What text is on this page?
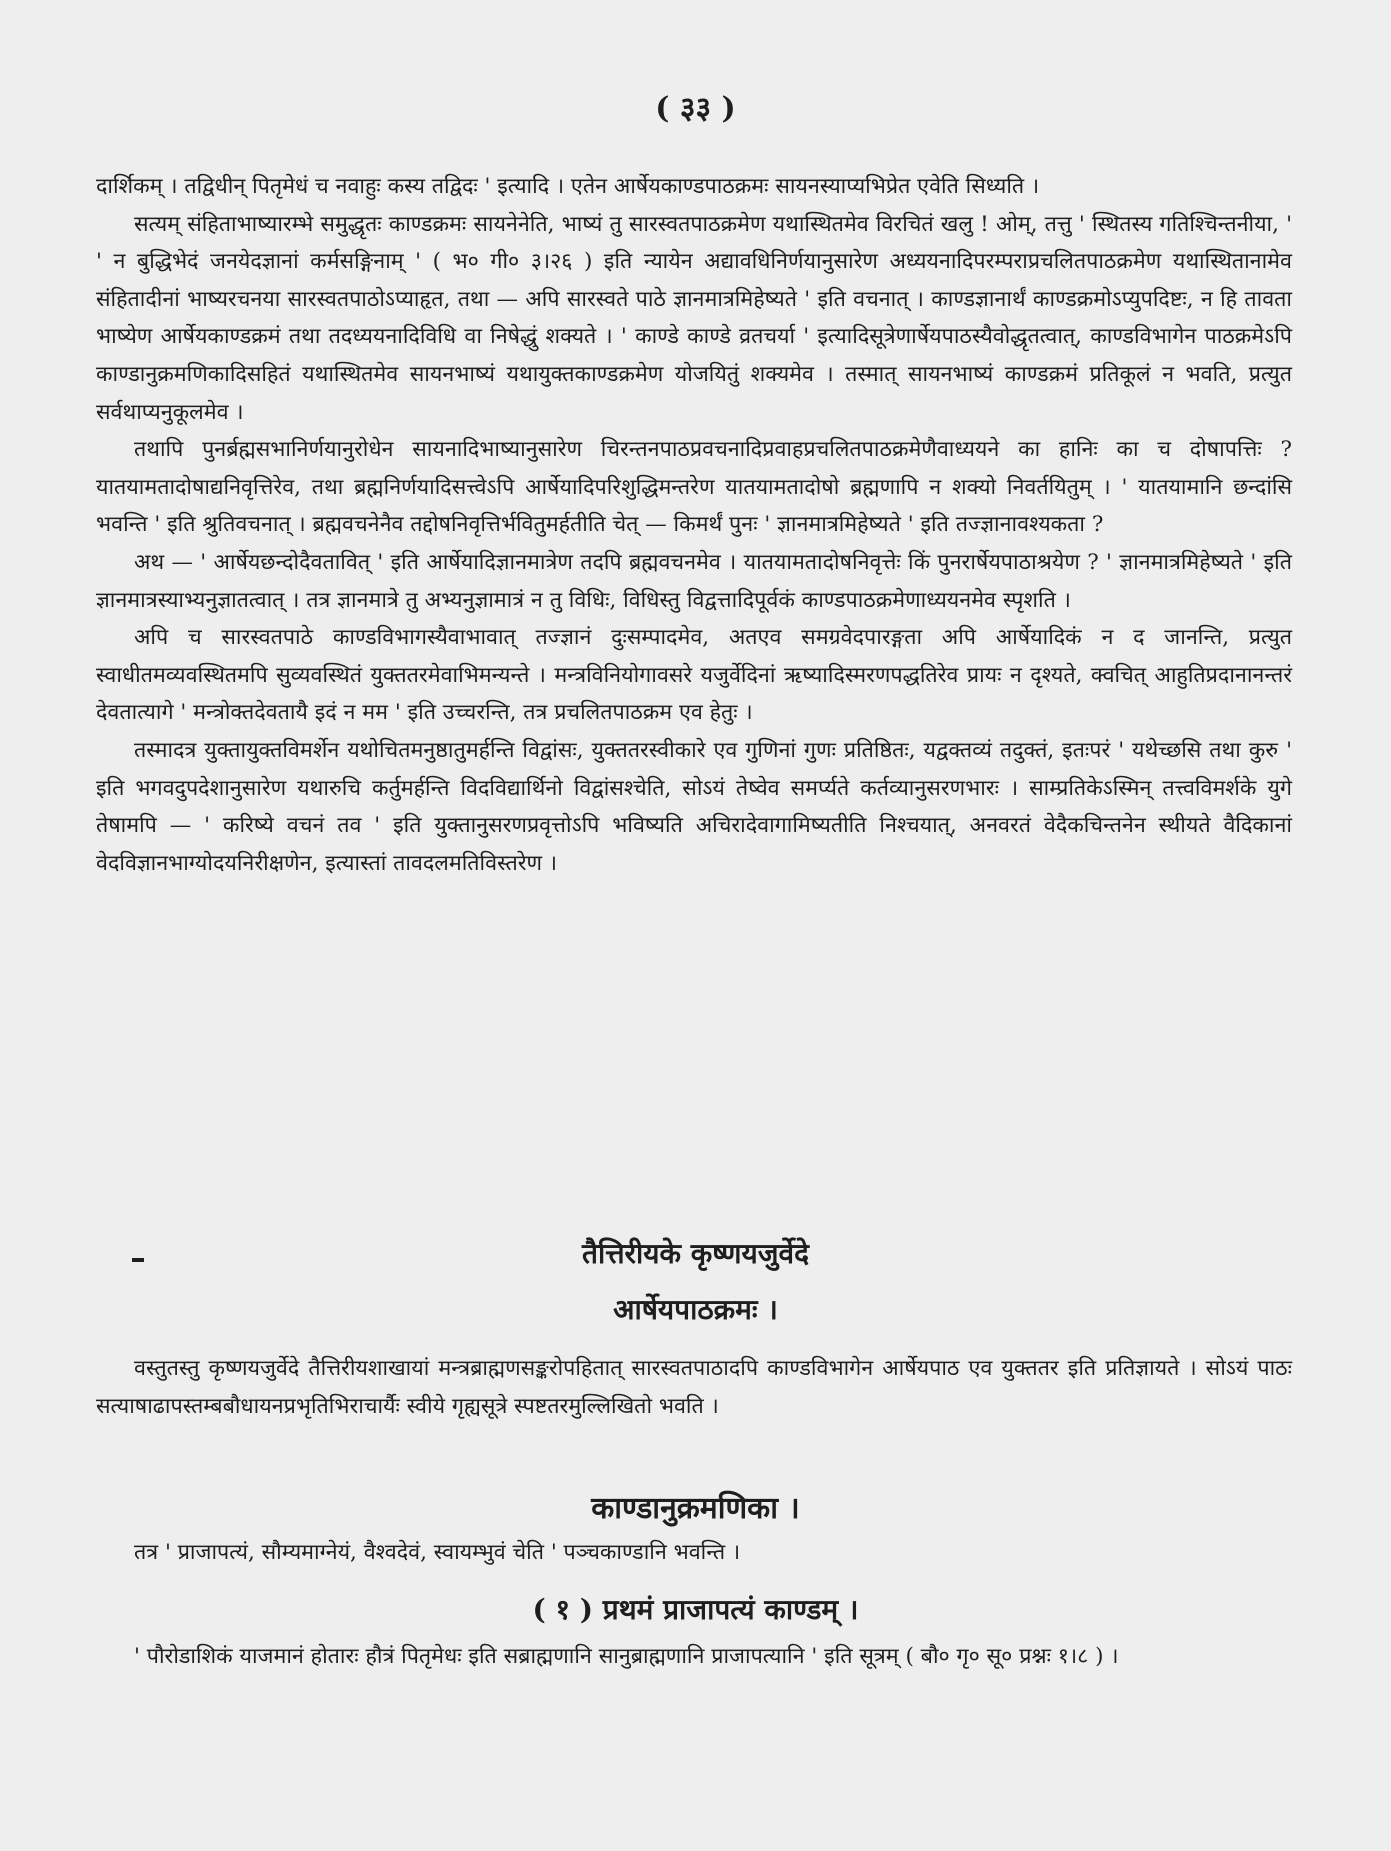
( ३३ )

दार्शिकम् । तद्विधीन् पितृमेधं च नवाहुः कस्य तद्विदः ' इत्यादि । एतेन आर्षेयकाण्डपाठक्रमः सायनस्याप्यभिप्रेत एवेति सिध्यति ।

सत्यम् संहिताभाष्यारम्भे समुद्धृतः काण्डक्रमः सायनेनेति, भाष्यं तु सारस्वतपाठक्रमेण यथास्थितमेव विरचितं खलु ! ओम्, तत्तु ' स्थितस्य गतिश्चिन्तनीया, ' ' न बुद्धिभेदं जनयेदज्ञानां कर्मसङ्गिनाम् ' ( भ० गी० ३।२६ ) इति न्यायेन अद्यावधिनिर्णयानुसारेण अध्ययनादिपरम्पराप्रचलितपाठक्रमेण यथास्थितानामेव संहितादीनां भाष्यरचनया सारस्वतपाठोऽप्याहृत, तथा — अपि सारस्वते पाठे ज्ञानमात्रमिहेष्यते ' इति वचनात् । काण्डज्ञानार्थं काण्डक्रमोऽप्युपदिष्टः, न हि तावता भाष्येण आर्षेयकाण्डक्रमं तथा तदध्ययनादिविधि वा निषेद्धुं शक्यते । ' काण्डे काण्डे व्रतचर्या ' इत्यादिसूत्रेणार्षेयपाठस्यैवोद्धृतत्वात्, काण्डविभागेन पाठक्रमेऽपि काण्डानुक्रमणिकादिसहितं यथास्थितमेव सायनभाष्यं यथायुक्तकाण्डक्रमेण योजयितुं शक्यमेव । तस्मात् सायनभाष्यं काण्डक्रमं प्रतिकूलं न भवति, प्रत्युत सर्वथाप्यनुकूलमेव ।

तथापि पुनर्ब्रह्मसभानिर्णयानुरोधेन सायनादिभाष्यानुसारेण चिरन्तनपाठप्रवचनादिप्रवाहप्रचलितपाठक्रमेणैवाध्ययने का हानिः का च दोषापत्तिः ? यातयामतादोषाद्यनिवृत्तिरेव, तथा ब्रह्मनिर्णयादिसत्त्वेऽपि आर्षेयादिपरिशुद्धिमन्तरेण यातयामतादोषो ब्रह्मणापि न शक्यो निवर्तयितुम् । ' यातयामानि छन्दांसि भवन्ति ' इति श्रुतिवचनात् । ब्रह्मवचनेनैव तद्दोषनिवृत्तिर्भवितुमर्हतीति चेत् — किमर्थं पुनः ' ज्ञानमात्रमिहेष्यते ' इति तज्ज्ञानावश्यकता ?

अथ — ' आर्षेयछन्दोदैवतावित् ' इति आर्षेयादिज्ञानमात्रेण तदपि ब्रह्मवचनमेव । यातयामतादोषनिवृत्तेः किं पुनरार्षेयपाठाश्रयेण ? ' ज्ञानमात्रमिहेष्यते ' इति ज्ञानमात्रस्याभ्यनुज्ञातत्वात् । तत्र ज्ञानमात्रे तु अभ्यनुज्ञामात्रं न तु विधिः, विधिस्तु विद्वत्तादिपूर्वकं काण्डपाठक्रमेणाध्ययनमेव स्पृशति ।

अपि च सारस्वतपाठे काण्डविभागस्यैवाभावात् तज्ज्ञानं दुःसम्पादमेव, अतएव समग्रवेदपारङ्गता अपि आर्षेयादिकं न द जानन्ति, प्रत्युत स्वाधीतमव्यवस्थितमपि सुव्यवस्थितं युक्ततरमेवाभिमन्यन्ते । मन्त्रविनियोगावसरे यजुर्वेदिनां ऋष्यादिस्मरणपद्धतिरेव प्रायः न दृश्यते, क्वचित् आहुतिप्रदानानन्तरं देवतात्यागे ' मन्त्रोक्तदेवतायै इदं न मम ' इति उच्चरन्ति, तत्र प्रचलितपाठक्रम एव हेतुः ।

तस्मादत्र युक्तायुक्तविमर्शेन यथोचितमनुष्ठातुमर्हन्ति विद्वांसः, युक्ततरस्वीकारे एव गुणिनां गुणः प्रतिष्ठितः, यद्वक्तव्यं तदुक्तं, इतःपरं ' यथेच्छसि तथा कुरु ' इति भगवदुपदेशानुसारेण यथारुचि कर्तुमर्हन्ति विदविद्यार्थिनो विद्वांसश्चेति, सोऽयं तेष्वेव समर्प्यते कर्तव्यानुसरणभारः । साम्प्रतिकेऽस्मिन् तत्त्वविमर्शके युगे तेषामपि — ' करिष्ये वचनं तव ' इति युक्तानुसरणप्रवृत्तोऽपि भविष्यति अचिरादेवागामिष्यतीति निश्चयात्, अनवरतं वेदैकचिन्तनेन स्थीयते वैदिकानां वेदविज्ञानभाग्योदयनिरीक्षणेन, इत्यास्तां तावदलमतिविस्तरेण ।

तैत्तिरीयके कृष्णयजुर्वेदे
आर्षेयपाठक्रमः ।

वस्तुतस्तु कृष्णयजुर्वेदे तैत्तिरीयशाखायां मन्त्रब्राह्मणसङ्करोपहितात् सारस्वतपाठादपि काण्डविभागेन आर्षेयपाठ एव युक्ततर इति प्रतिज्ञायते । सोऽयं पाठः सत्याषाढापस्तम्बबौधायनप्रभृतिभिराचार्यैः स्वीये गृह्यसूत्रे स्पष्टतरमुल्लिखितो भवति ।

काण्डानुक्रमणिका ।

तत्र ' प्राजापत्यं, सौम्यमाग्नेयं, वैश्वदेवं, स्वायम्भुवं चेति ' पञ्चकाण्डानि भवन्ति ।

( १ ) प्रथमं प्राजापत्यं काण्डम् ।

' पौरोडाशिकं याजमानं होतारः हौत्रं पितृमेधः इति सब्राह्मणानि सानुब्राह्मणानि प्राजापत्यानि ' इति सूत्रम् ( बौ० गृ० सू० प्रश्नः १।८ ) ।
